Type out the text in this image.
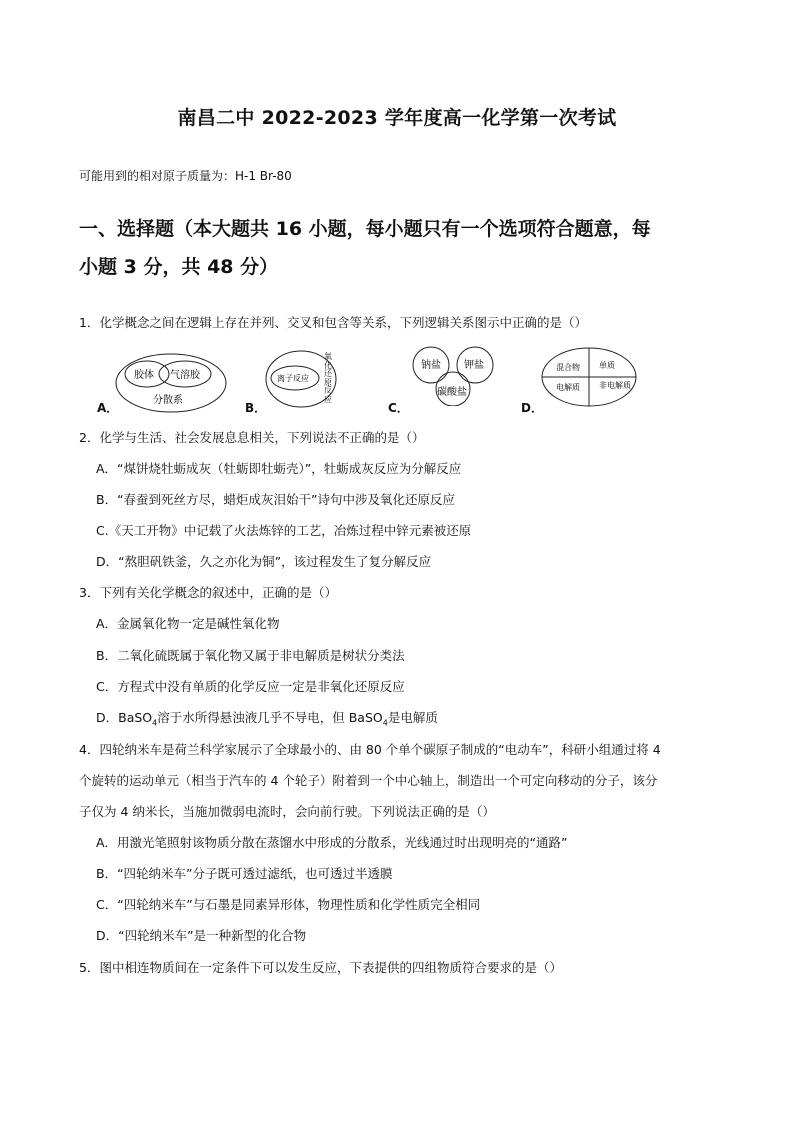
南昌二中 2022-2023 学年度高一化学第一次考试
可能用到的相对原子质量为：H-1 Br-80
一、选择题（本大题共 16 小题，每小题只有一个选项符合题意，每
小题 3 分，共 48 分）
1．化学概念之间在逻辑上存在并列、交叉和包含等关系，下列逻辑关系图示中正确的是（）
A．
胶体 气溶胶
分散系
B．
离子反应
氧化还原反应
C．
钠盐 钾盐
碳酸盐
D．
混合物 单质
电解质 非电解质
2．化学与生活、社会发展息息相关，下列说法不正确的是（）
A．“煤饼烧牡蛎成灰（牡蛎即牡蛎壳）”，牡蛎成灰反应为分解反应
B．“春蚕到死丝方尽，蜡炬成灰泪始干”诗句中涉及氧化还原反应
C.《天工开物》中记载了火法炼锌的工艺，冶炼过程中锌元素被还原
D．“熬胆矾铁釜，久之亦化为铜”，该过程发生了复分解反应
3．下列有关化学概念的叙述中，正确的是（）
A．金属氧化物一定是碱性氧化物
B．二氧化硫既属于氧化物又属于非电解质是树状分类法
C．方程式中没有单质的化学反应一定是非氧化还原反应
D．BaSO$_4$溶于水所得悬浊液几乎不导电，但 BaSO$_4$是电解质
4．四轮纳米车是荷兰科学家展示了全球最小的、由 80 个单个碳原子制成的“电动车”，科研小组通过将 4
个旋转的运动单元（相当于汽车的 4 个轮子）附着到一个中心轴上，制造出一个可定向移动的分子，该分
子仅为 4 纳米长，当施加微弱电流时，会向前行驶。下列说法正确的是（）
A．用激光笔照射该物质分散在蒸馏水中形成的分散系，光线通过时出现明亮的“通路”
B．“四轮纳米车”分子既可透过滤纸，也可透过半透膜
C．“四轮纳米车”与石墨是同素异形体，物理性质和化学性质完全相同
D．“四轮纳米车”是一种新型的化合物
5．图中相连物质间在一定条件下可以发生反应，下表提供的四组物质符合要求的是（）
